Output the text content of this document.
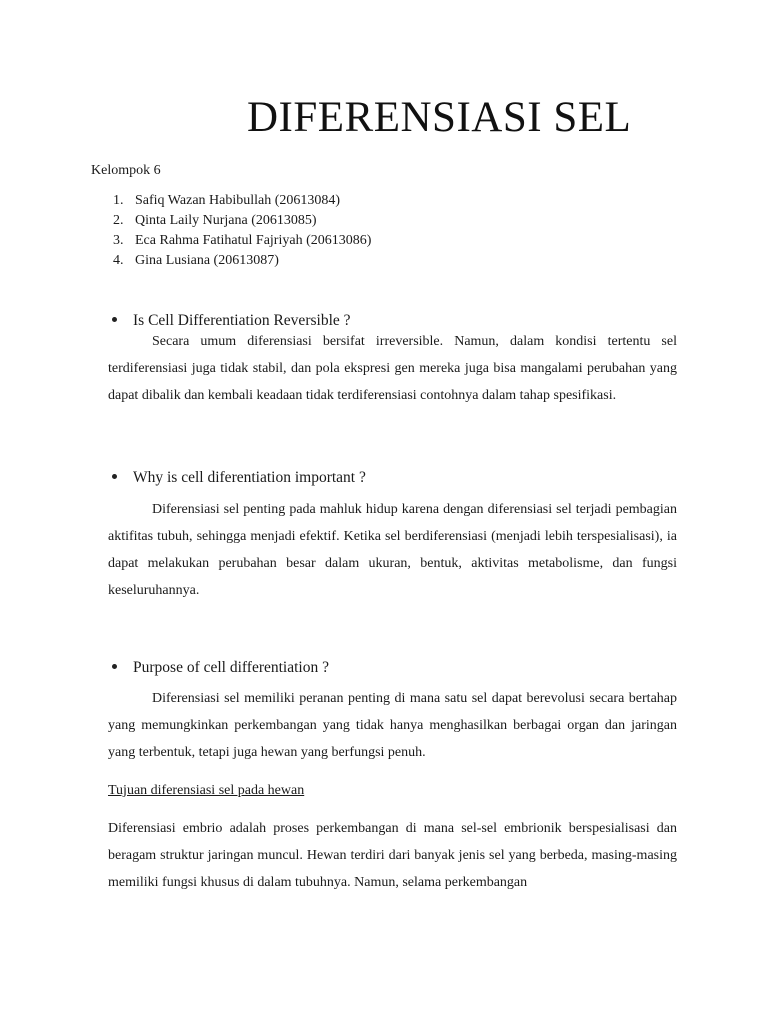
DIFERENSIASI SEL

Kelompok 6

1. Safiq Wazan Habibullah (20613084)
2. Qinta Laily Nurjana (20613085)
3. Eca Rahma Fatihatul Fajriyah (20613086)
4. Gina Lusiana (20613087)
Is Cell Differentiation Reversible ?

Secara umum diferensiasi bersifat irreversible. Namun, dalam kondisi tertentu sel terdiferensiasi juga tidak stabil, dan pola ekspresi gen mereka juga bisa mangalami perubahan yang dapat dibalik dan kembali keadaan tidak terdiferensiasi contohnya dalam tahap spesifikasi.

Why is cell diferentiation important ?

Diferensiasi sel penting pada mahluk hidup karena dengan diferensiasi sel terjadi pembagian aktifitas tubuh, sehingga menjadi efektif. Ketika sel berdiferensiasi (menjadi lebih terspesialisasi), ia dapat melakukan perubahan besar dalam ukuran, bentuk, aktivitas metabolisme, dan fungsi keseluruhannya.

Purpose of cell differentiation ?

Diferensiasi sel memiliki peranan penting di mana satu sel dapat berevolusi secara bertahap yang memungkinkan perkembangan yang tidak hanya menghasilkan berbagai organ dan jaringan yang terbentuk, tetapi juga hewan yang berfungsi penuh.

Tujuan diferensiasi sel pada hewan

Diferensiasi embrio adalah proses perkembangan di mana sel-sel embrionik berspesialisasi dan beragam struktur jaringan muncul. Hewan terdiri dari banyak jenis sel yang berbeda, masing-masing memiliki fungsi khusus di dalam tubuhnya. Namun, selama perkembangan
